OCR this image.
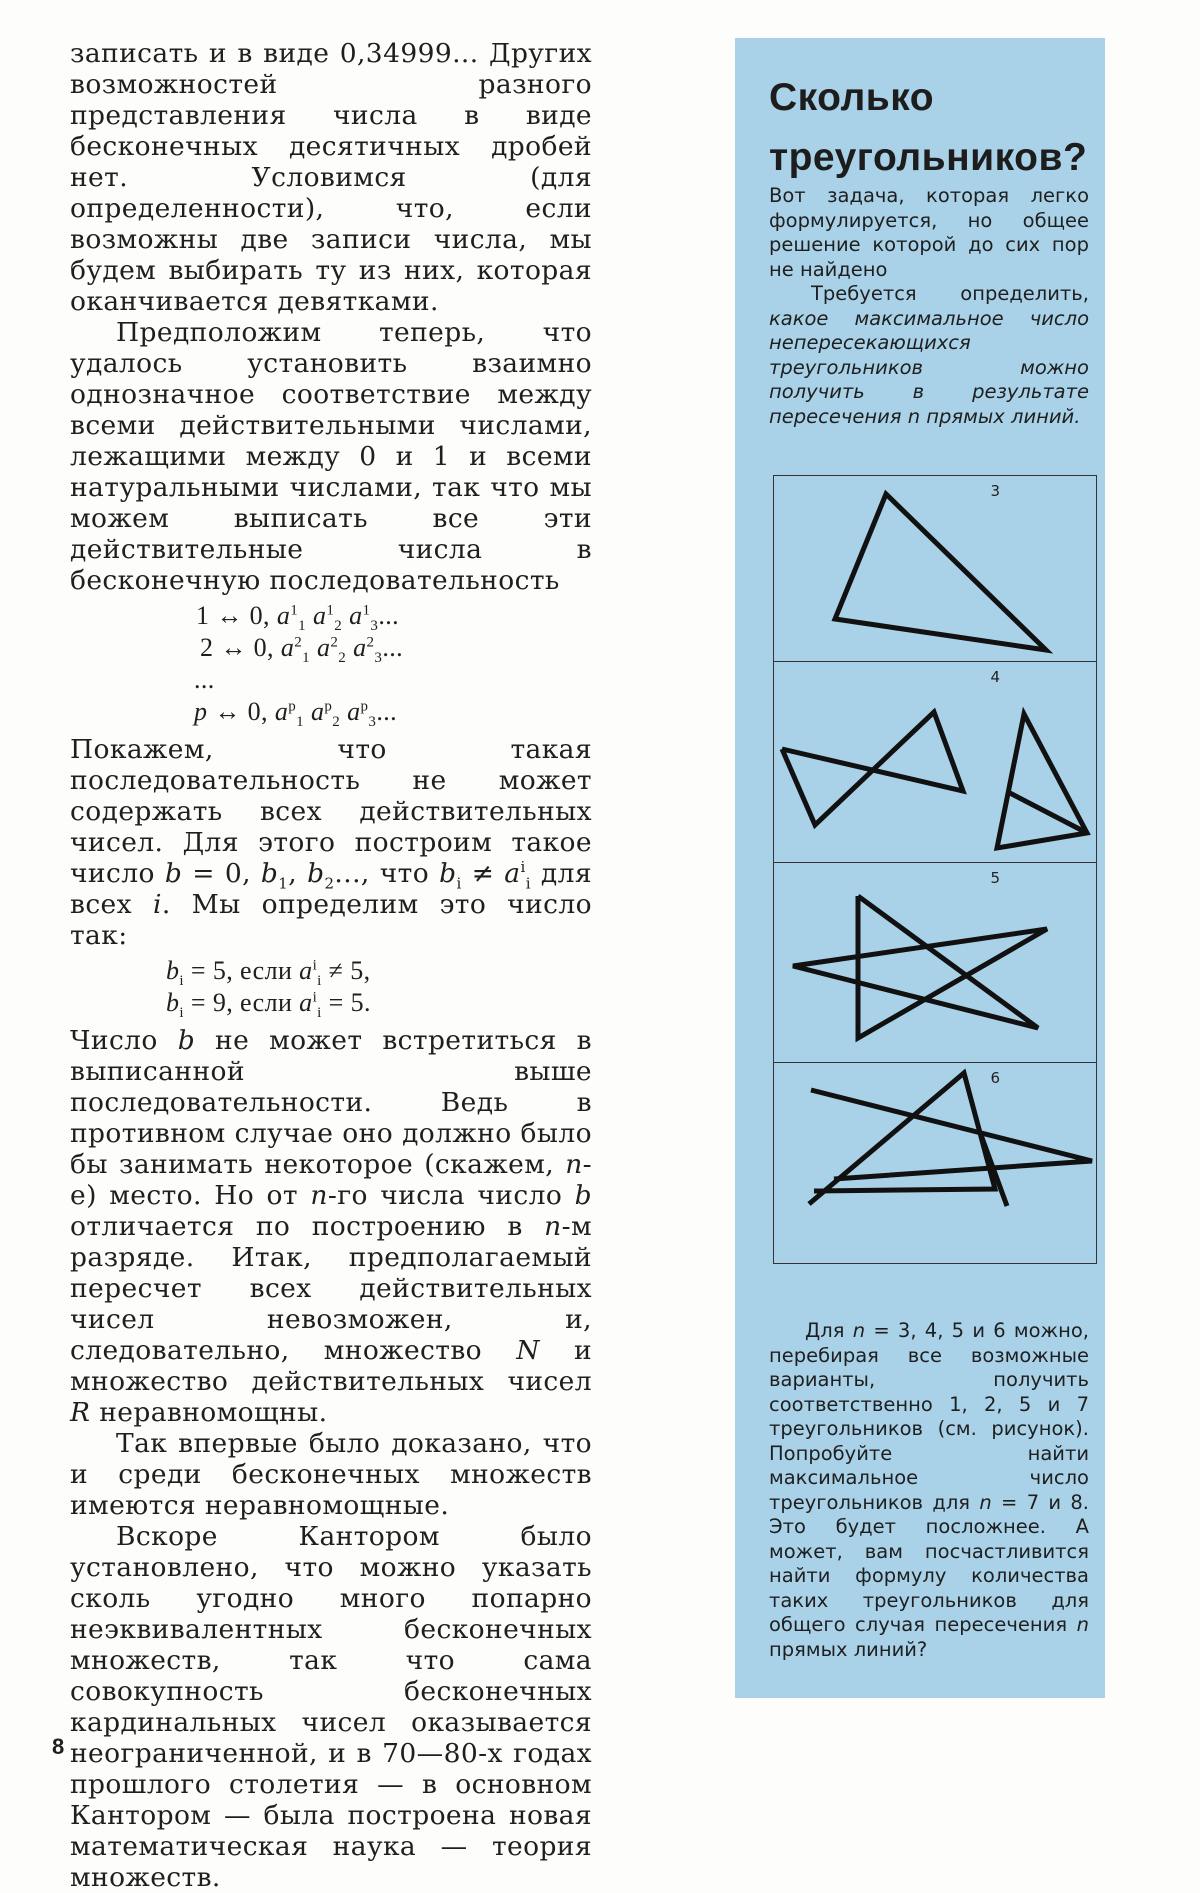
записать и в виде 0,34999... Других возможностей разного представления числа в виде бесконечных десятичных дробей нет. Условимся (для определенности), что, если возможны две записи числа, мы будем выбирать ту из них, которая оканчивается девятками.

Предположим теперь, что удалось установить взаимно однозначное соответствие между всеми действительными числами, лежащими между 0 и 1 и всеми натуральными числами, так что мы можем выписать все эти действительные числа в бесконечную последовательность

1 ↔ 0, $a^1_1$ $a^1_2$ $a^1_3$...
2 ↔ 0, $a^2_1$ $a^2_2$ $a^2_3$...
...
p ↔ 0, $a^p_1$ $a^p_2$ $a^p_3$...

Покажем, что такая последовательность не может содержать всех действительных чисел. Для этого построим такое число b = 0, $b_1$, $b_2$..., что $b_i \ne a^i_i$ для всех i. Мы определим это число так:

$b_i = 5$, если $a^i_i \ne 5$,
$b_i = 9$, если $a^i_i = 5$.

Число b не может встретиться в выписанной выше последовательности. Ведь в противном случае оно должно было бы занимать некоторое (скажем, n-е) место. Но от n-го числа число b отличается по построению в n-м разряде. Итак, предполагаемый пересчет всех действительных чисел невозможен, и, следовательно, множество N и множество действительных чисел R неравномощны.

Так впервые было доказано, что и среди бесконечных множеств имеются неравномощные.

Вскоре Кантором было установлено, что можно указать сколь угодно много попарно неэквивалентных бесконечных множеств, так что сама совокупность бесконечных кардинальных чисел оказывается неограниченной, и в 70—80-х годах прошлого столетия — в основном Кантором — была построена новая математическая наука — теория множеств.

Сколько треугольников?
Вот задача, которая легко формулируется, но общее решение которой до сих пор не найдено
Требуется определить, какое максимальное число непересекающихся треугольников можно получить в результате пересечения n прямых линий.
3
4
5
6
Для n = 3, 4, 5 и 6 можно, перебирая все возможные варианты, получить соответственно 1, 2, 5 и 7 треугольников (см. рисунок). Попробуйте найти максимальное число треугольников для n = 7 и 8. Это будет посложнее. А может, вам посчастливится найти формулу количества таких треугольников для общего случая пересечения n прямых линий?
8
